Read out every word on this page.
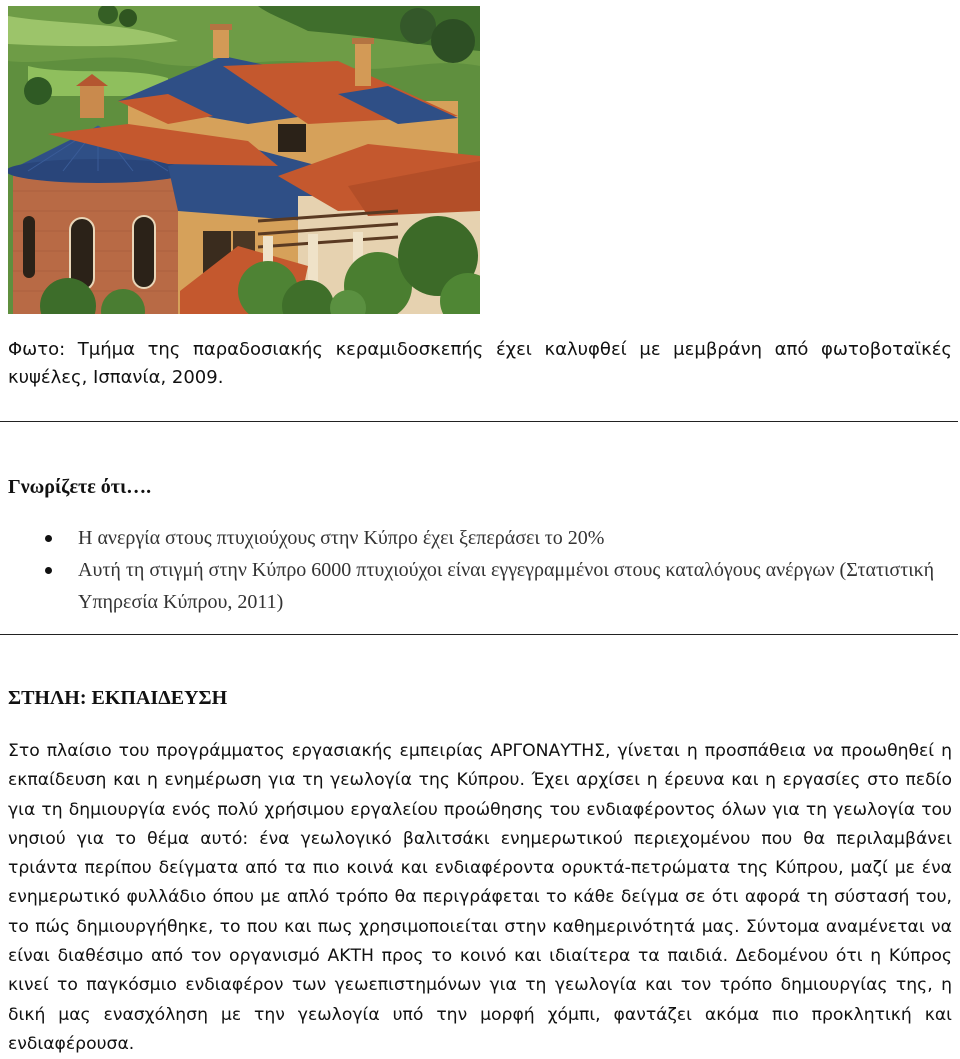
Φωτο: Τμήμα της παραδοσιακής κεραμιδοσκεπής έχει καλυφθεί με μεμβράνη από φωτοβοταϊκές κυψέλες, Ισπανία, 2009.

Γνωρίζετε ότι….
Η ανεργία στους πτυχιούχους στην Κύπρο έχει ξεπεράσει το 20%
Αυτή τη στιγμή στην Κύπρο 6000 πτυχιούχοι είναι εγγεγραμμένοι στους καταλόγους ανέργων (Στατιστική Υπηρεσία Κύπρου, 2011)
ΣΤΗΛΗ: ΕΚΠΑΙΔΕΥΣΗ

Στο πλαίσιο του προγράμματος εργασιακής εμπειρίας ΑΡΓΟΝΑΥΤΗΣ, γίνεται η προσπάθεια να προωθηθεί η εκπαίδευση και η ενημέρωση για τη γεωλογία της Κύπρου. Έχει αρχίσει η έρευνα και η εργασίες στο πεδίο για τη δημιουργία ενός πολύ χρήσιμου εργαλείου προώθησης του ενδιαφέροντος όλων για τη γεωλογία του νησιού για το θέμα αυτό: ένα γεωλογικό βαλιτσάκι ενημερωτικού περιεχομένου που θα περιλαμβάνει τριάντα περίπου δείγματα από τα πιο κοινά και ενδιαφέροντα ορυκτά-πετρώματα της Κύπρου, μαζί με ένα ενημερωτικό φυλλάδιο όπου με απλό τρόπο θα περιγράφεται το κάθε δείγμα σε ότι αφορά τη σύστασή του, το πώς δημιουργήθηκε, το που και πως χρησιμοποιείται στην καθημερινότητά μας. Σύντομα αναμένεται να είναι διαθέσιμο από τον οργανισμό ΑΚΤΗ προς το κοινό και ιδιαίτερα τα παιδιά. Δεδομένου ότι η Κύπρος κινεί το παγκόσμιο ενδιαφέρον των γεωεπιστημόνων για τη γεωλογία και τον τρόπο δημιουργίας της, η δική μας ενασχόληση με την γεωλογία υπό την μορφή χόμπι, φαντάζει ακόμα πιο προκλητική και ενδιαφέρουσα.
